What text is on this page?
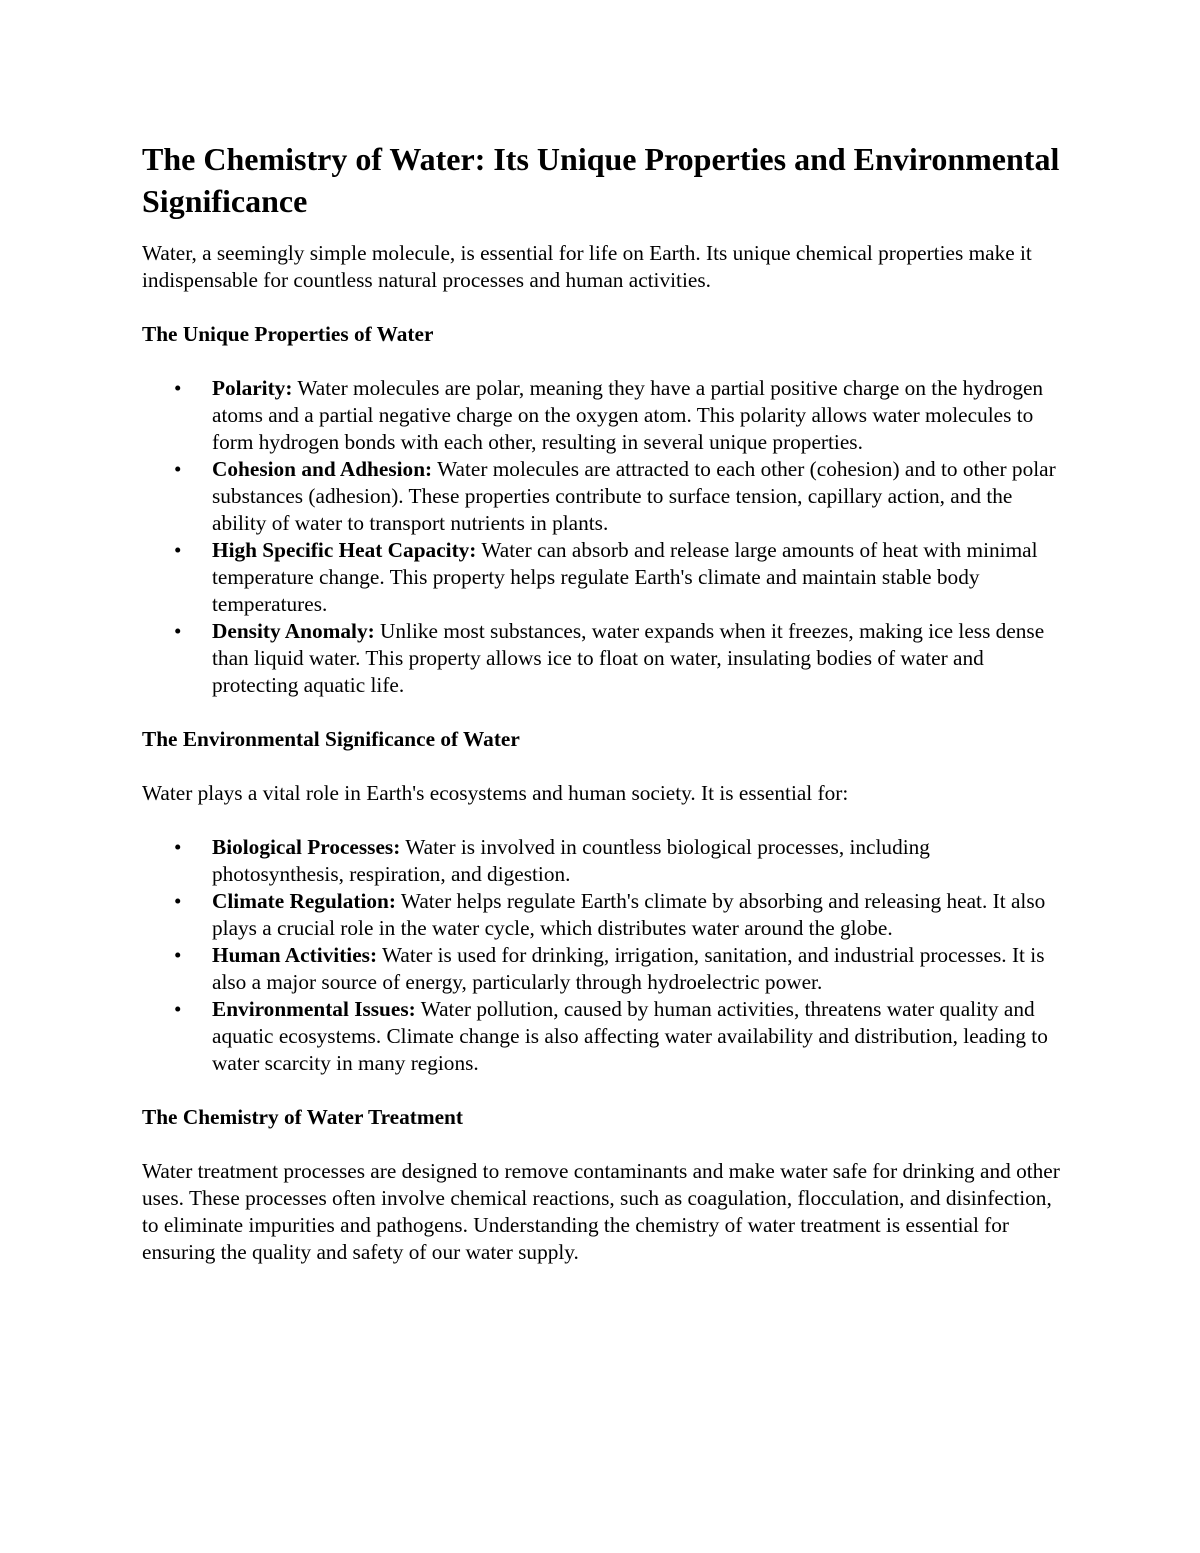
The Chemistry of Water: Its Unique Properties and Environmental Significance

Water, a seemingly simple molecule, is essential for life on Earth. Its unique chemical properties make it indispensable for countless natural processes and human activities.

The Unique Properties of Water
• Polarity: Water molecules are polar, meaning they have a partial positive charge on the hydrogen atoms and a partial negative charge on the oxygen atom. This polarity allows water molecules to form hydrogen bonds with each other, resulting in several unique properties.
• Cohesion and Adhesion: Water molecules are attracted to each other (cohesion) and to other polar substances (adhesion). These properties contribute to surface tension, capillary action, and the ability of water to transport nutrients in plants.
• High Specific Heat Capacity: Water can absorb and release large amounts of heat with minimal temperature change. This property helps regulate Earth's climate and maintain stable body temperatures.
• Density Anomaly: Unlike most substances, water expands when it freezes, making ice less dense than liquid water. This property allows ice to float on water, insulating bodies of water and protecting aquatic life.
The Environmental Significance of Water

Water plays a vital role in Earth's ecosystems and human society. It is essential for:

• Biological Processes: Water is involved in countless biological processes, including photosynthesis, respiration, and digestion.
• Climate Regulation: Water helps regulate Earth's climate by absorbing and releasing heat. It also plays a crucial role in the water cycle, which distributes water around the globe.
• Human Activities: Water is used for drinking, irrigation, sanitation, and industrial processes. It is also a major source of energy, particularly through hydroelectric power.
• Environmental Issues: Water pollution, caused by human activities, threatens water quality and aquatic ecosystems. Climate change is also affecting water availability and distribution, leading to water scarcity in many regions.
The Chemistry of Water Treatment

Water treatment processes are designed to remove contaminants and make water safe for drinking and other uses. These processes often involve chemical reactions, such as coagulation, flocculation, and disinfection, to eliminate impurities and pathogens. Understanding the chemistry of water treatment is essential for ensuring the quality and safety of our water supply.
